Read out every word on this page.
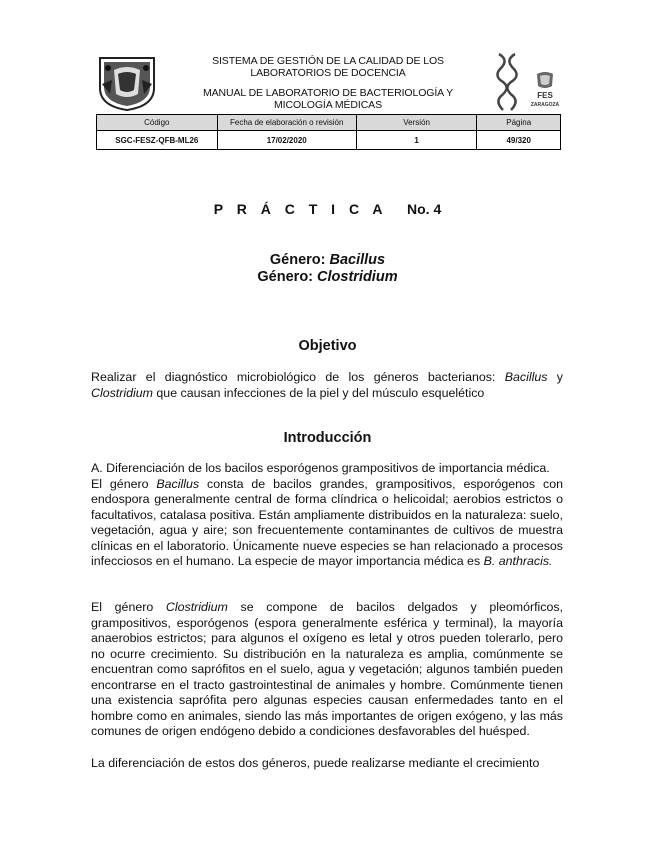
SISTEMA DE GESTIÓN DE LA CALIDAD DE LOS LABORATORIOS DE DOCENCIA
MANUAL DE LABORATORIO DE BACTERIOLOGÍA Y MICOLOGÍA MÉDICAS
FES
ZARAGOZA
Código	Fecha de elaboración o revisión	Versión	Página
SGC-FESZ-QFB-ML26	17/02/2020	1	49/320
P R Á C T I C A No. 4
Género: Bacillus
Género: Clostridium
Objetivo
Realizar el diagnóstico microbiológico de los géneros bacterianos: Bacillus y Clostridium que causan infecciones de la piel y del músculo esquelético
Introducción
A. Diferenciación de los bacilos esporógenos grampositivos de importancia médica.
El género Bacillus consta de bacilos grandes, grampositivos, esporógenos con endospora generalmente central de forma clíndrica o helicoidal; aerobios estrictos o facultativos, catalasa positiva. Están ampliamente distribuidos en la naturaleza: suelo, vegetación, agua y aire; son frecuentemente contaminantes de cultivos de muestra clínicas en el laboratorio. Únicamente nueve especies se han relacionado a procesos infecciosos en el humano. La especie de mayor importancia médica es B. anthracis.
El género Clostridium se compone de bacilos delgados y pleomórficos, grampositivos, esporógenos (espora generalmente esférica y terminal), la mayoría anaerobios estrictos; para algunos el oxígeno es letal y otros pueden tolerarlo, pero no ocurre crecimiento. Su distribución en la naturaleza es amplia, comúnmente se encuentran como saprófitos en el suelo, agua y vegetación; algunos también pueden encontrarse en el tracto gastrointestinal de animales y hombre. Comúnmente tienen una existencia saprófita pero algunas especies causan enfermedades tanto en el hombre como en animales, siendo las más importantes de origen exógeno, y las más comunes de origen endógeno debido a condiciones desfavorables del huésped.
La diferenciación de estos dos géneros, puede realizarse mediante el crecimiento
